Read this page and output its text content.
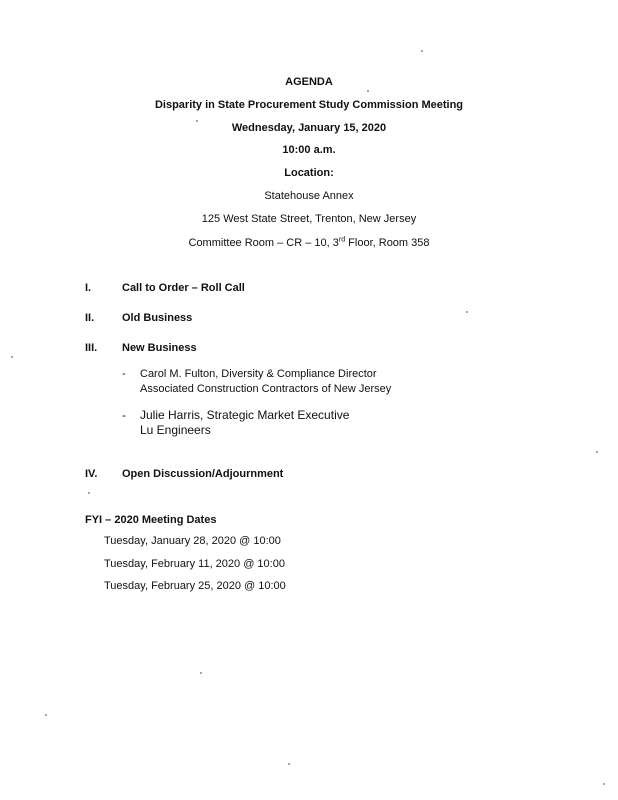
AGENDA
Disparity in State Procurement Study Commission Meeting
Wednesday, January 15, 2020
10:00 a.m.
Location:
Statehouse Annex
125 West State Street, Trenton, New Jersey
Committee Room – CR – 10, 3rd Floor, Room 358
I.	Call to Order – Roll Call
II.	Old Business
III. New Business
- Carol M. Fulton, Diversity & Compliance Director
Associated Construction Contractors of New Jersey
- Julie Harris, Strategic Market Executive
Lu Engineers
IV. Open Discussion/Adjournment
FYI – 2020 Meeting Dates
Tuesday, January 28, 2020 @ 10:00
Tuesday, February 11, 2020 @ 10:00
Tuesday, February 25, 2020 @ 10:00
